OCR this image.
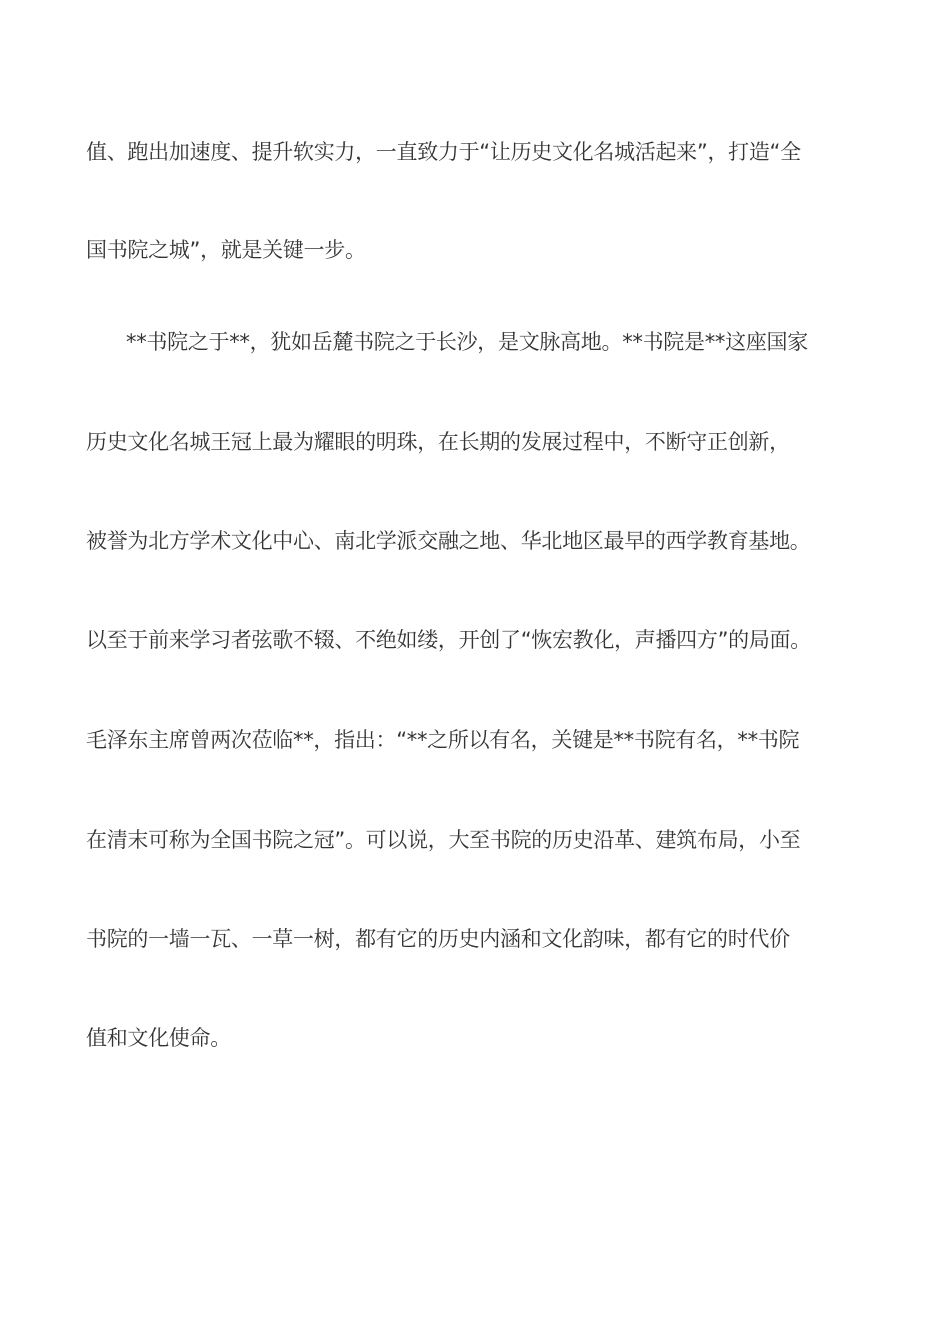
值、跑出加速度、提升软实力，一直致力于“让历史文化名城活起来”，打造“全
国书院之城”，就是关键一步。
**书院之于**，犹如岳麓书院之于长沙，是文脉高地。**书院是**这座国家
历史文化名城王冠上最为耀眼的明珠，在长期的发展过程中，不断守正创新，
被誉为北方学术文化中心、南北学派交融之地、华北地区最早的西学教育基地。
以至于前来学习者弦歌不辍、不绝如缕，开创了“恢宏教化，声播四方”的局面。
毛泽东主席曾两次莅临**，指出：“**之所以有名，关键是**书院有名，**书院
在清末可称为全国书院之冠”。可以说，大至书院的历史沿革、建筑布局，小至
书院的一墙一瓦、一草一树，都有它的历史内涵和文化韵味，都有它的时代价
值和文化使命。
